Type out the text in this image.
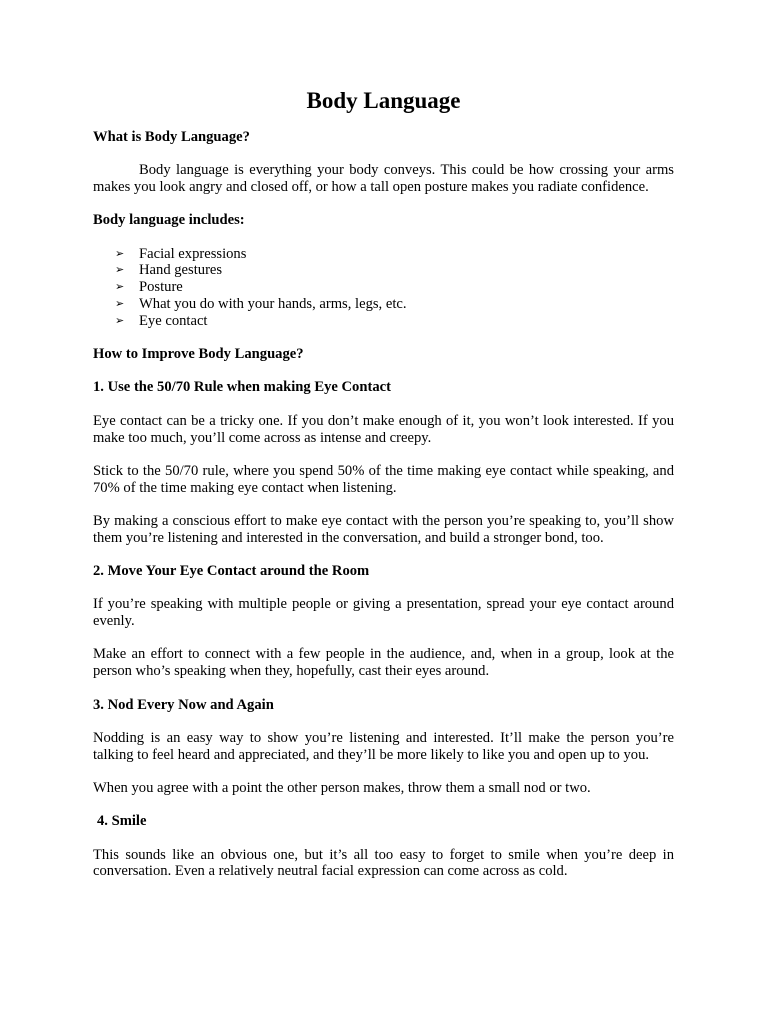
Body Language
What is Body Language?
Body language is everything your body conveys. This could be how crossing your arms makes you look angry and closed off, or how a tall open posture makes you radiate confidence.
Body language includes:
➢ Facial expressions
➢ Hand gestures
➢ Posture
➢ What you do with your hands, arms, legs, etc.
➢ Eye contact
How to Improve Body Language?
1. Use the 50/70 Rule when making Eye Contact
Eye contact can be a tricky one. If you don’t make enough of it, you won’t look interested. If you make too much, you’ll come across as intense and creepy.
Stick to the 50/70 rule, where you spend 50% of the time making eye contact while speaking, and 70% of the time making eye contact when listening.
By making a conscious effort to make eye contact with the person you’re speaking to, you’ll show them you’re listening and interested in the conversation, and build a stronger bond, too.
2. Move Your Eye Contact around the Room
If you’re speaking with multiple people or giving a presentation, spread your eye contact around evenly.
Make an effort to connect with a few people in the audience, and, when in a group, look at the person who’s speaking when they, hopefully, cast their eyes around.
3. Nod Every Now and Again
Nodding is an easy way to show you’re listening and interested. It’ll make the person you’re talking to feel heard and appreciated, and they’ll be more likely to like you and open up to you.
When you agree with a point the other person makes, throw them a small nod or two.
4. Smile
This sounds like an obvious one, but it’s all too easy to forget to smile when you’re deep in conversation. Even a relatively neutral facial expression can come across as cold.
